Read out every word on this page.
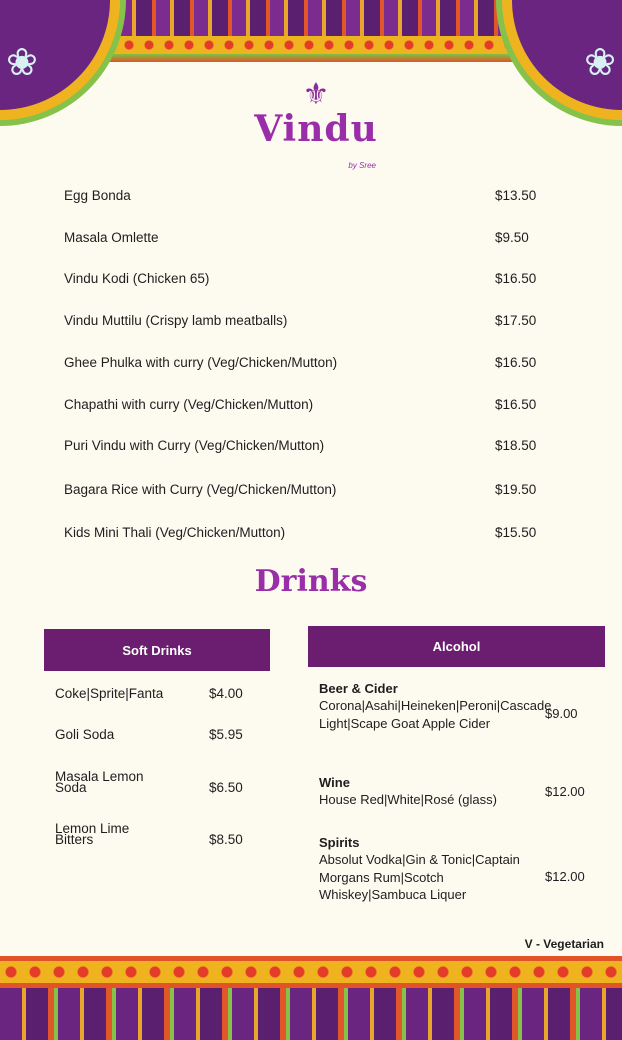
❀	❀
⚜
Vindu
by Sree
Egg Bonda	$13.50
Masala Omlette	$9.50
Vindu Kodi (Chicken 65)	$16.50
Vindu Muttilu (Crispy lamb meatballs)	$17.50
Ghee Phulka with curry (Veg/Chicken/Mutton)	$16.50
Chapathi with curry (Veg/Chicken/Mutton)	$16.50
Puri Vindu with Curry (Veg/Chicken/Mutton)	$18.50
Bagara Rice with Curry (Veg/Chicken/Mutton)	$19.50
Kids Mini Thali (Veg/Chicken/Mutton)	$15.50
Drinks
Soft Drinks
Coke|Sprite|Fanta	$4.00
Goli Soda	$5.95
Masala Lemon Soda	$6.50
Lemon Lime Bitters	$8.50
Alcohol
Beer & Cider
Corona|Asahi|Heineken|Peroni|Cascade Light|Scape Goat Apple Cider
$9.00
Wine
House Red|White|Rosé (glass)
$12.00
Spirits
Absolut Vodka|Gin & Tonic|Captain Morgans Rum|Scotch Whiskey|Sambuca Liquer
$12.00
V - Vegetarian
